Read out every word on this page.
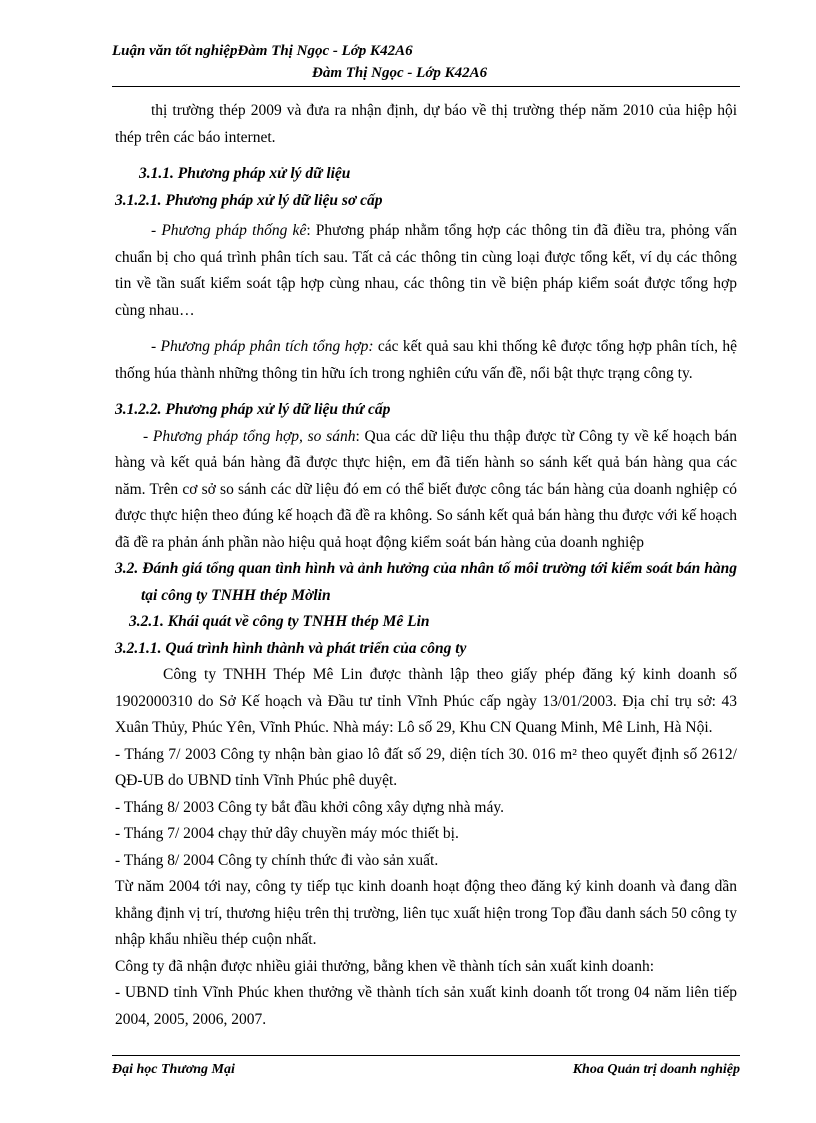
Luận văn tốt nghiệpĐàm Thị Ngọc - Lớp K42A6
Đàm Thị Ngọc - Lớp K42A6

thị trường thép 2009 và đưa ra nhận định, dự báo về thị trường thép năm 2010 của hiệp hội thép trên các báo internet.

3.1.1. Phương pháp xử lý dữ liệu

3.1.2.1. Phương pháp xử lý dữ liệu sơ cấp

- Phương pháp thống kê: Phương pháp nhằm tổng hợp các thông tin đã điều tra, phỏng vấn chuẩn bị cho quá trình phân tích sau. Tất cả các thông tin cùng loại được tổng kết, ví dụ các thông tin về tần suất kiểm soát tập hợp cùng nhau, các thông tin về biện pháp kiểm soát được tổng hợp cùng nhau…

- Phương pháp phân tích tổng hợp: các kết quả sau khi thống kê được tổng hợp phân tích, hệ thống húa thành những thông tin hữu ích trong nghiên cứu vấn đề, nổi bật thực trạng công ty.

3.1.2.2. Phương pháp xử lý dữ liệu thứ cấp

- Phương pháp tổng hợp, so sánh: Qua các dữ liệu thu thập được từ Công ty về kế hoạch bán hàng và kết quả bán hàng đã được thực hiện, em đã tiến hành so sánh kết quả bán hàng qua các năm. Trên cơ sở so sánh các dữ liệu đó em có thể biết được công tác bán hàng của doanh nghiệp có được thực hiện theo đúng kế hoạch đã đề ra không. So sánh kết quả bán hàng thu được với kế hoạch đã đề ra phản ánh phần nào hiệu quả hoạt động kiểm soát bán hàng của doanh nghiệp

3.2. Đánh giá tổng quan tình hình và ảnh hưởng của nhân tố môi trường tới kiểm soát bán hàng tại công ty TNHH thép Mờlin

3.2.1. Khái quát về công ty TNHH thép Mê Lin

3.2.1.1. Quá trình hình thành và phát triển của công ty

Công ty TNHH Thép Mê Lin được thành lập theo giấy phép đăng ký kinh doanh số 1902000310 do Sở Kế hoạch và Đầu tư tỉnh Vĩnh Phúc cấp ngày 13/01/2003. Địa chỉ trụ sở: 43 Xuân Thủy, Phúc Yên, Vĩnh Phúc. Nhà máy: Lô số 29, Khu CN Quang Minh, Mê Linh, Hà Nội.

- Tháng 7/ 2003 Công ty nhận bàn giao lô đất số 29, diện tích 30. 016 m² theo quyết định số 2612/ QĐ-UB do UBND tỉnh Vĩnh Phúc phê duyệt.

- Tháng 8/ 2003 Công ty bắt đầu khởi công xây dựng nhà máy.

- Tháng 7/ 2004 chạy thử dây chuyền máy móc thiết bị.

- Tháng 8/ 2004 Công ty chính thức đi vào sản xuất.

Từ năm 2004 tới nay, công ty tiếp tục kinh doanh hoạt động theo đăng ký kinh doanh và đang dần khẳng định vị trí, thương hiệu trên thị trường, liên tục xuất hiện trong Top đầu danh sách 50 công ty nhập khẩu nhiều thép cuộn nhất.

Công ty đã nhận được nhiều giải thưởng, bằng khen về thành tích sản xuất kinh doanh:

- UBND tỉnh Vĩnh Phúc khen thưởng về thành tích sản xuất kinh doanh tốt trong 04 năm liên tiếp 2004, 2005, 2006, 2007.

Đại học Thương Mại	Khoa Quản trị doanh nghiệp
